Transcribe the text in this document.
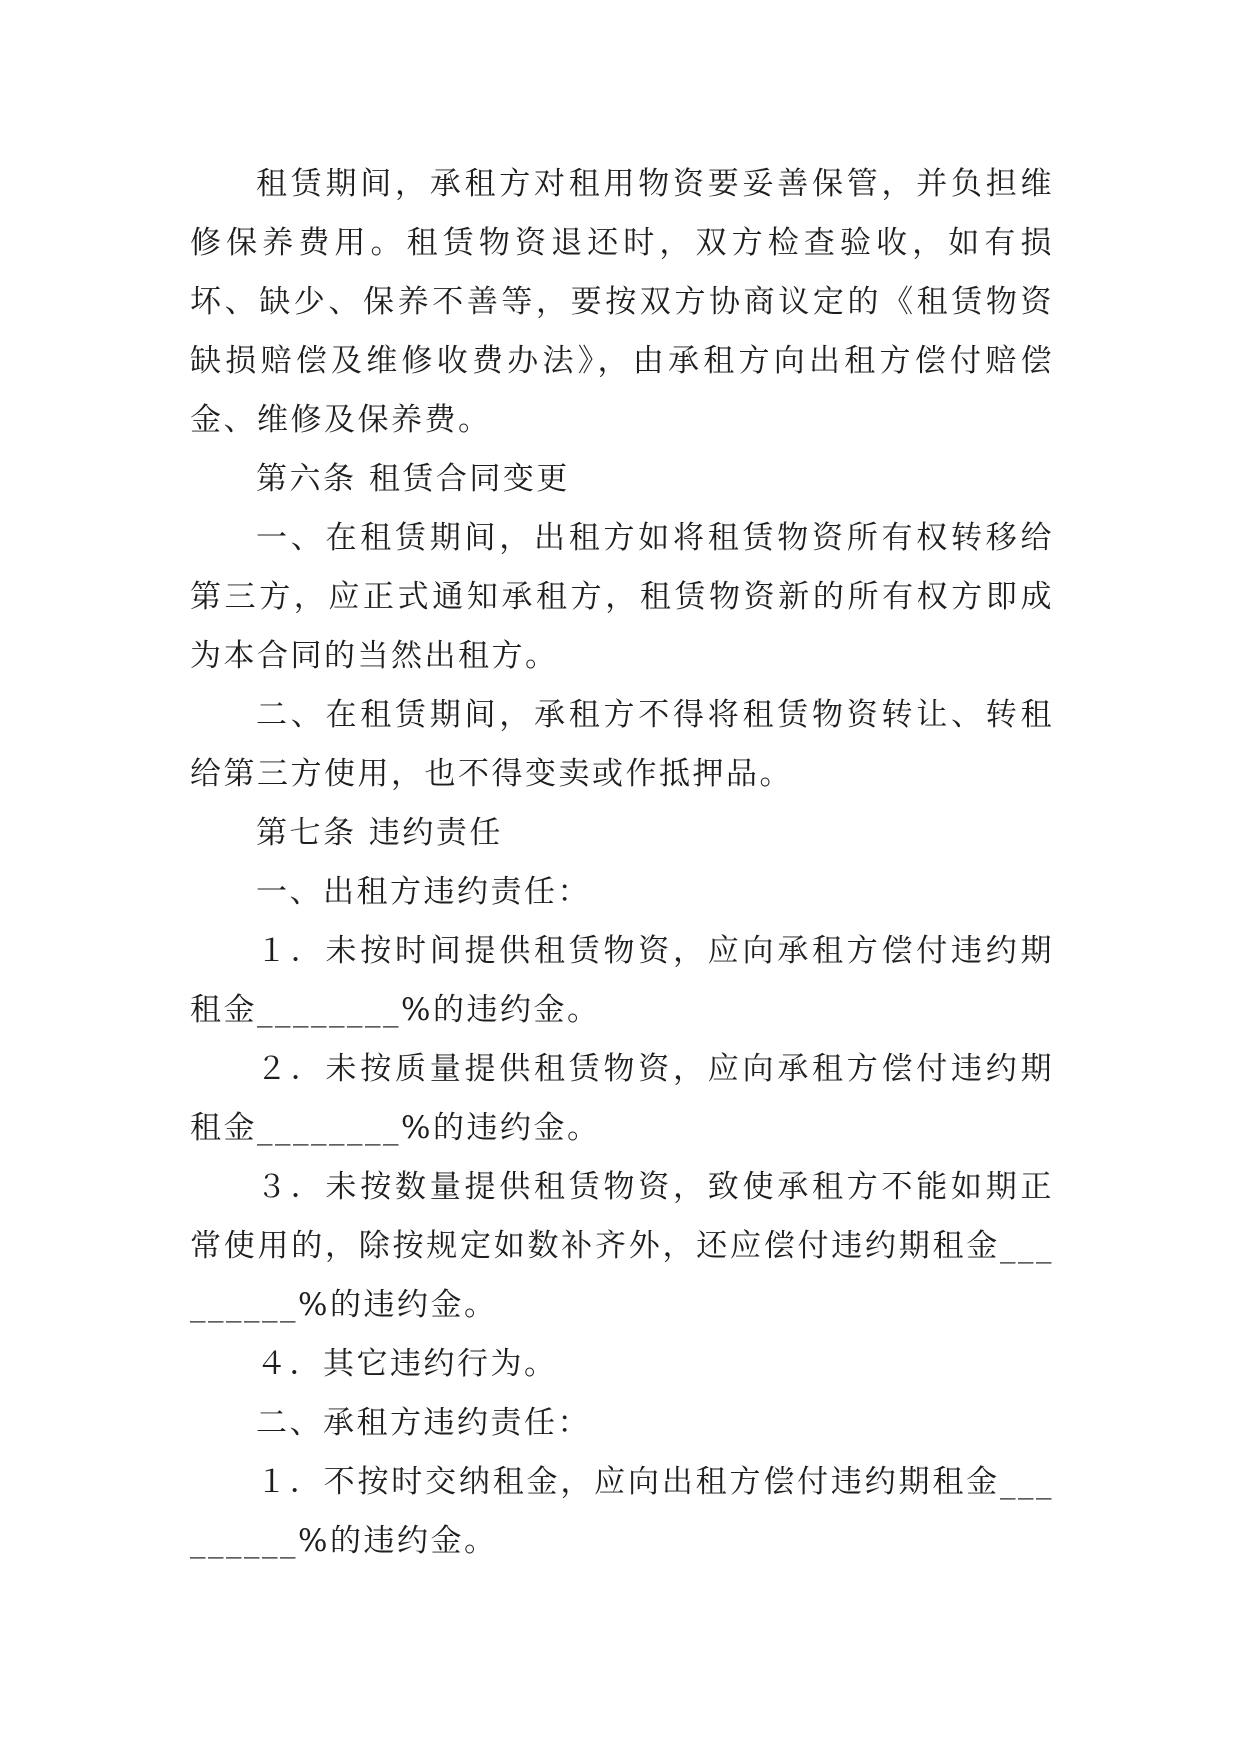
租赁期间，承租方对租用物资要妥善保管，并负担维修保养费用。租赁物资退还时，双方检查验收，如有损坏、缺少、保养不善等，要按双方协商议定的《租赁物资缺损赔偿及维修收费办法》，由承租方向出租方偿付赔偿金、维修及保养费。

第六条 租赁合同变更

一、在租赁期间，出租方如将租赁物资所有权转移给第三方，应正式通知承租方，租赁物资新的所有权方即成为本合同的当然出租方。

二、在租赁期间，承租方不得将租赁物资转让、转租给第三方使用，也不得变卖或作抵押品。

第七条 违约责任

一、出租方违约责任：

１．未按时间提供租赁物资，应向承租方偿付违约期租金________%的违约金。

２．未按质量提供租赁物资，应向承租方偿付违约期租金________%的违约金。

３．未按数量提供租赁物资，致使承租方不能如期正常使用的，除按规定如数补齐外，还应偿付违约期租金_________%的违约金。

４．其它违约行为。

二、承租方违约责任：

１．不按时交纳租金，应向出租方偿付违约期租金_________%的违约金。
